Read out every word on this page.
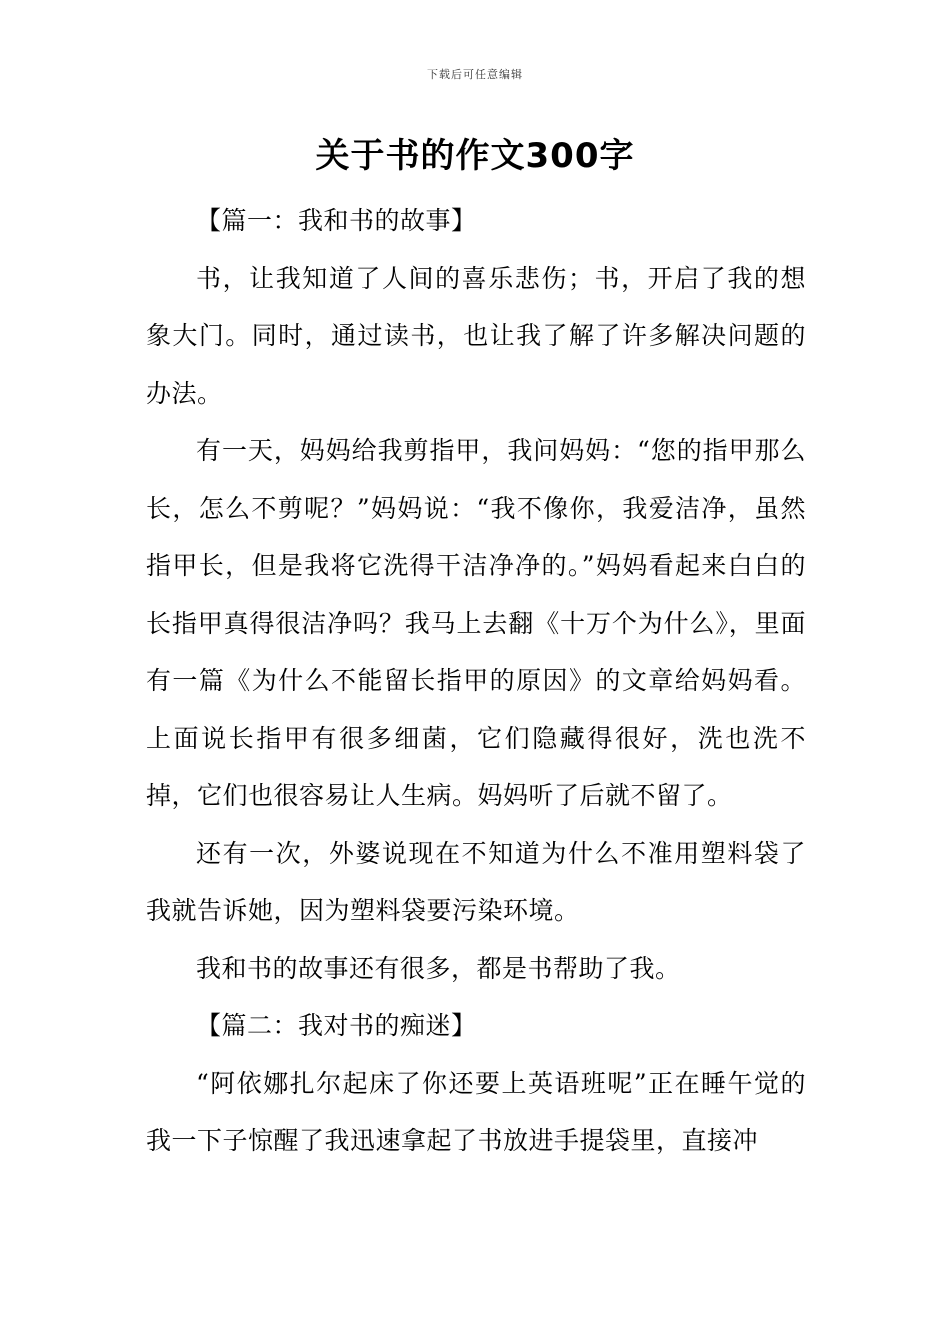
下载后可任意编辑
关于书的作文300字

【篇一：我和书的故事】

书，让我知道了人间的喜乐悲伤；书，开启了我的想象大门。同时，通过读书，也让我了解了许多解决问题的办法。

有一天，妈妈给我剪指甲，我问妈妈：“您的指甲那么长，怎么不剪呢？”妈妈说：“我不像你，我爱洁净，虽然指甲长，但是我将它洗得干洁净净的。”妈妈看起来白白的长指甲真得很洁净吗？我马上去翻《十万个为什么》，里面有一篇《为什么不能留长指甲的原因》的文章给妈妈看。上面说长指甲有很多细菌，它们隐藏得很好，洗也洗不掉，它们也很容易让人生病。妈妈听了后就不留了。

还有一次，外婆说现在不知道为什么不准用塑料袋了我就告诉她，因为塑料袋要污染环境。

我和书的故事还有很多，都是书帮助了我。

【篇二：我对书的痴迷】

“阿依娜扎尔起床了你还要上英语班呢”正在睡午觉的我一下子惊醒了我迅速拿起了书放进手提袋里，直接冲
